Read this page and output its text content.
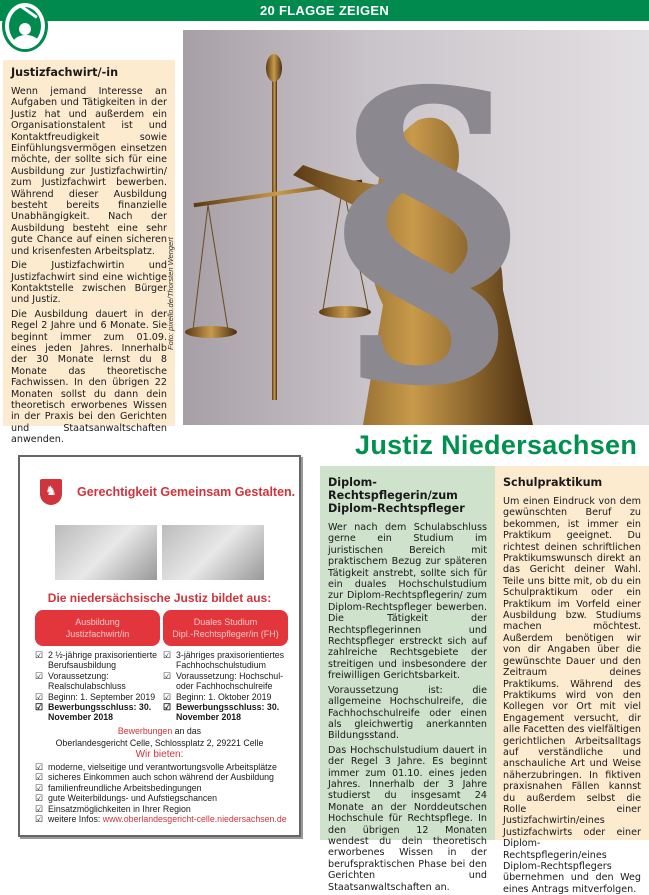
20 FLAGGE ZEIGEN
Justizfachwirt/-in

Wenn jemand Interesse an Aufgaben und Tätigkeiten in der Justiz hat und außerdem ein Organisationstalent ist und Kontaktfreudigkeit sowie Einfühlungsvermögen einsetzen möchte, der sollte sich für eine Ausbildung zur Justizfachwirtin/ zum Justizfachwirt bewerben. Während dieser Ausbildung besteht bereits finanzielle Unabhängigkeit. Nach der Ausbildung besteht eine sehr gute Chance auf einen sicheren und krisenfesten Arbeitsplatz.

Die Justizfachwirtin und Justizfachwirt sind eine wichtige Kontaktstelle zwischen Bürger und Justiz.

Die Ausbildung dauert in der Regel 2 Jahre und 6 Monate. Sie beginnt immer zum 01.09. eines jeden Jahres. Innerhalb der 30 Monate lernst du 8 Monate das theoretische Fachwissen. In den übrigen 22 Monaten sollst du dann dein theoretisch erworbenes Wissen in der Praxis bei den Gerichten und Staatsanwaltschaften anwenden.

§
Foto: pixello.de/Thorsten Wengert
Justiz Niedersachsen
♞	Gerechtigkeit Gemeinsam Gestalten.
Die niedersächsische Justiz bildet aus:
Ausbildung
Justizfachwirt/in
Duales Studium
Dipl.-Rechtspfleger/in (FH)
☑ 2 ½-jährige praxisorientierte Berufsausbildung
☑ Voraussetzung: Realschulabschluss
☑ Beginn: 1. September 2019
☑ Bewerbungsschluss: 30. November 2018
☑ 3-jähriges praxisorientiertes Fachhochschulstudium
☑ Voraussetzung: Hochschul- oder Fachhochschulreife
☑ Beginn: 1. Oktober 2019
☑ Bewerbungsschluss: 30. November 2018
Bewerbungen an das
Oberlandesgericht Celle, Schlossplatz 2, 29221 Celle
Wir bieten:
☑ moderne, vielseitige und verantwortungsvolle Arbeitsplätze
☑ sicheres Einkommen auch schon während der Ausbildung
☑ familienfreundliche Arbeitsbedingungen
☑ gute Weiterbildungs- und Aufstiegschancen
☑ Einsatzmöglichkeiten in Ihrer Region
☑ weitere Infos: www.oberlandesgericht-celle.niedersachsen.de
Diplom-Rechtspflegerin/zum Diplom-Rechtspfleger

Wer nach dem Schulabschluss gerne ein Studium im juristischen Bereich mit praktischem Bezug zur späteren Tätigkeit anstrebt, sollte sich für ein duales Hochschulstudium zur Diplom-Rechtspflegerin/ zum Diplom-Rechtspfleger bewerben. Die Tätigkeit der Rechtspflegerinnen und Rechtspfleger erstreckt sich auf zahlreiche Rechtsgebiete der streitigen und insbesondere der freiwilligen Gerichtsbarkeit.

Voraussetzung ist: die allgemeine Hochschulreife, die Fachhochschulreife oder einen als gleichwertig anerkannten Bildungsstand.

Das Hochschulstudium dauert in der Regel 3 Jahre. Es beginnt immer zum 01.10. eines jeden Jahres. Innerhalb der 3 Jahre studierst du insgesamt 24 Monate an der Norddeutschen Hochschule für Rechtspflege. In den übrigen 12 Monaten wendest du dein theoretisch erworbenes Wissen in der berufspraktischen Phase bei den Gerichten und Staatsanwaltschaften an.

Schulpraktikum

Um einen Eindruck von dem gewünschten Beruf zu bekommen, ist immer ein Praktikum geeignet. Du richtest deinen schriftlichen Praktikumswunsch direkt an das Gericht deiner Wahl. Teile uns bitte mit, ob du ein Schulpraktikum oder ein Praktikum im Vorfeld einer Ausbildung bzw. Studiums machen möchtest. Außerdem benötigen wir von dir Angaben über die gewünschte Dauer und den Zeitraum deines Praktikums. Während des Praktikums wird von den Kollegen vor Ort mit viel Engagement versucht, dir alle Facetten des vielfältigen gerichtlichen Arbeitsalltags auf verständliche und anschauliche Art und Weise näherzubringen. In fiktiven praxisnahen Fällen kannst du außerdem selbst die Rolle einer Justizfachwirtin/eines Justizfachwirts oder einer Diplom-Rechtspflegerin/eines Diplom-Rechtspflegers übernehmen und den Weg eines Antrags mitverfolgen.
